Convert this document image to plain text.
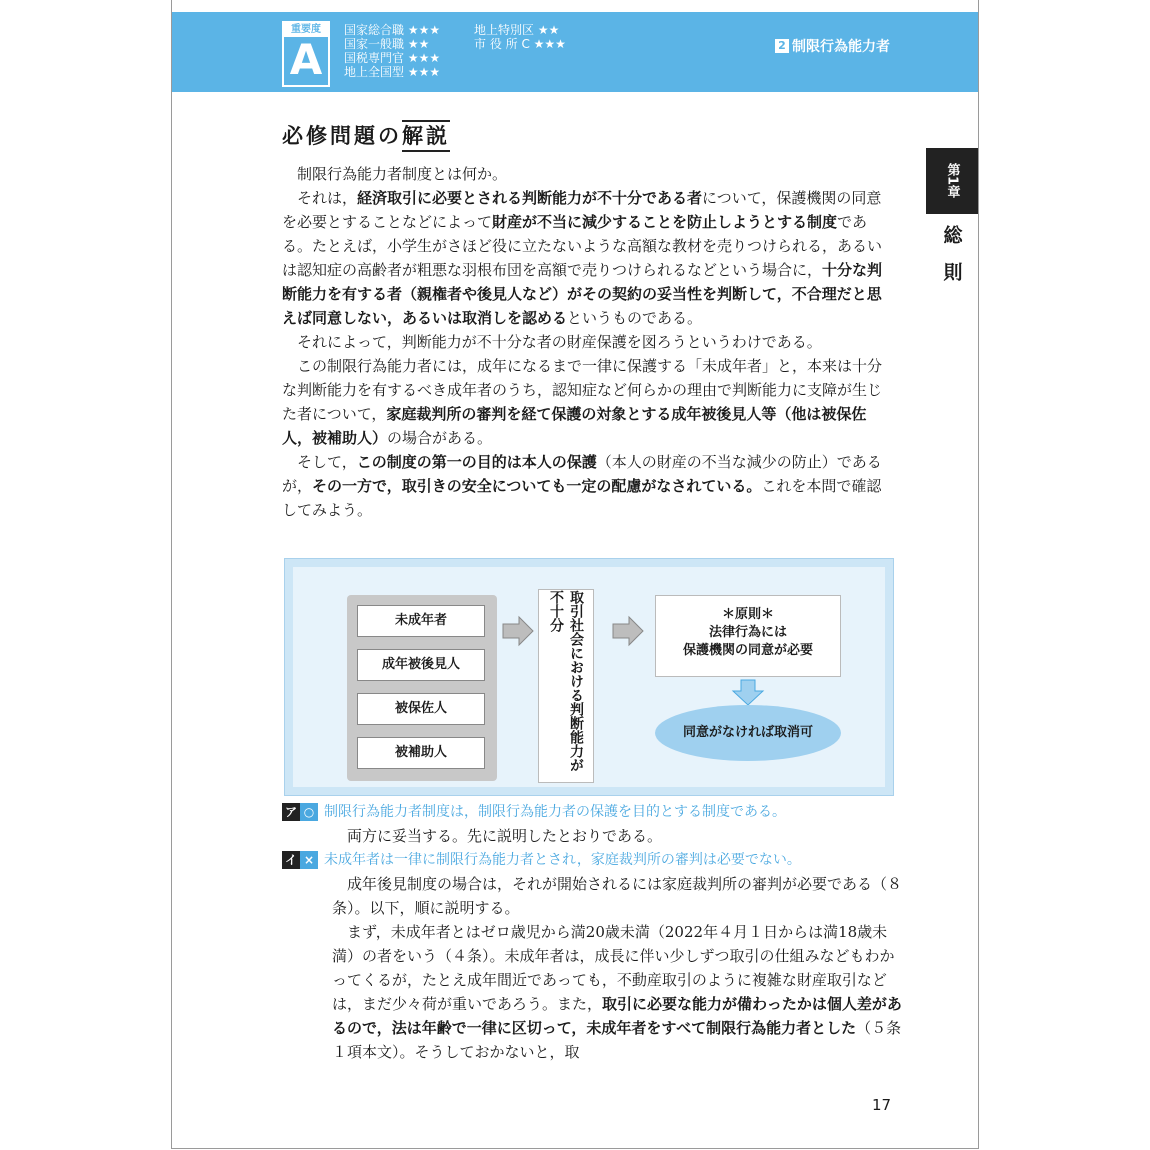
重要度
A
国家総合職 ★★★
国家一般職 ★★
国税専門官 ★★★
地上全国型 ★★★
地上特別区 ★★
市 役 所 C ★★★	2 制限行為能力者
第1章
総則
必修問題の解説

制限行為能力者制度とは何か。

それは，経済取引に必要とされる判断能力が不十分である者について，保護機関の同意を必要とすることなどによって財産が不当に減少することを防止しようとする制度である。たとえば，小学生がさほど役に立たないような高額な教材を売りつけられる，あるいは認知症の高齢者が粗悪な羽根布団を高額で売りつけられるなどという場合に，十分な判断能力を有する者（親権者や後見人など）がその契約の妥当性を判断して，不合理だと思えば同意しない，あるいは取消しを認めるというものである。

それによって，判断能力が不十分な者の財産保護を図ろうというわけである。

この制限行為能力者には，成年になるまで一律に保護する「未成年者」と，本来は十分な判断能力を有するべき成年者のうち，認知症など何らかの理由で判断能力に支障が生じた者について，家庭裁判所の審判を経て保護の対象とする成年被後見人等（他は被保佐人，被補助人）の場合がある。

そして，この制度の第一の目的は本人の保護（本人の財産の不当な減少の防止）であるが，その一方で，取引きの安全についても一定の配慮がなされている。これを本問で確認してみよう。

未成年者
成年被後見人
被保佐人
被補助人	取引社会における判断能力が不十分	＊原則＊
法律行為には
保護機関の同意が必要
同意がなければ取消可
ア ○ 制限行為能力者制度は，制限行為能力者の保護を目的とする制度である。

両方に妥当する。先に説明したとおりである。

イ × 未成年者は一律に制限行為能力者とされ，家庭裁判所の審判は必要でない。

成年後見制度の場合は，それが開始されるには家庭裁判所の審判が必要である（８条）。以下，順に説明する。

まず，未成年者とはゼロ歳児から満20歳未満（2022年４月１日からは満18歳未満）の者をいう（４条）。未成年者は，成長に伴い少しずつ取引の仕組みなどもわかってくるが，たとえ成年間近であっても，不動産取引のように複雑な財産取引などは，まだ少々荷が重いであろう。また，取引に必要な能力が備わったかは個人差があるので，法は年齢で一律に区切って，未成年者をすべて制限行為能力者とした（５条１項本文）。そうしておかないと，取

17
